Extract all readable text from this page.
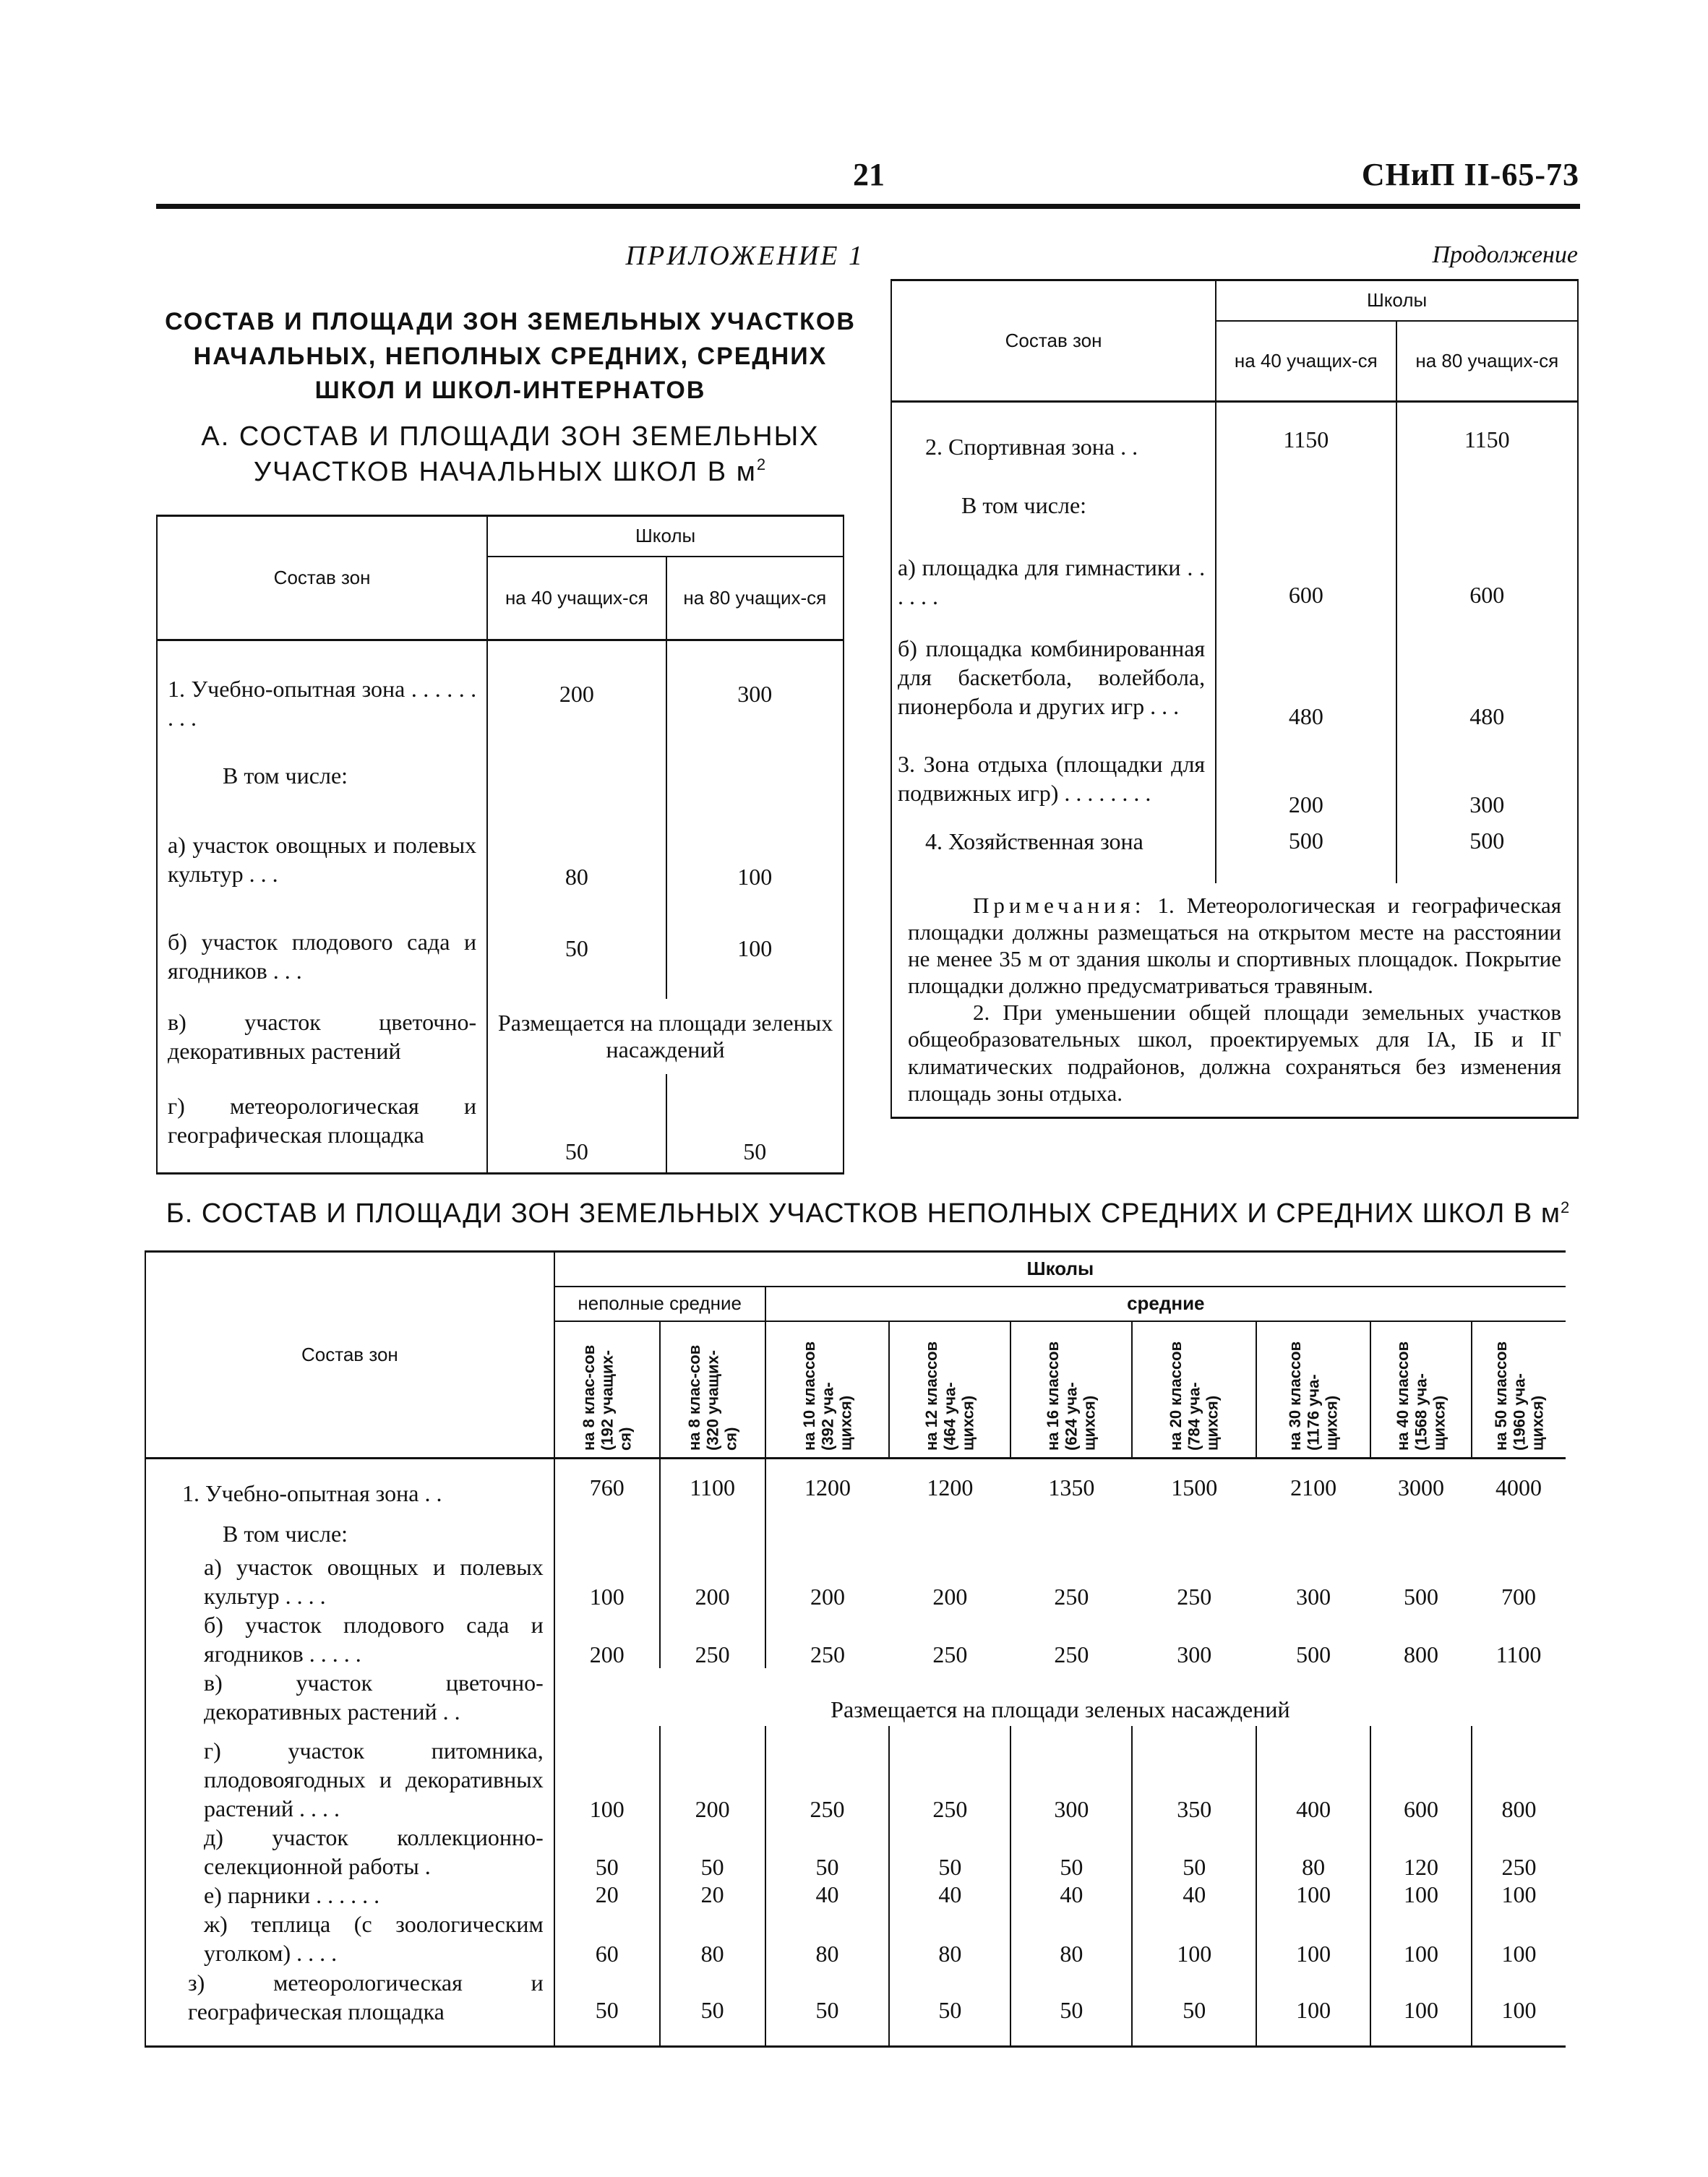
21	СНиП II-65-73
ПРИЛОЖЕНИЕ 1	Продолжение
СОСТАВ И ПЛОЩАДИ ЗОН ЗЕМЕЛЬНЫХ УЧАСТКОВ НАЧАЛЬНЫХ, НЕПОЛНЫХ СРЕДНИХ, СРЕДНИХ ШКОЛ И ШКОЛ-ИНТЕРНАТОВ
А. СОСТАВ И ПЛОЩАДИ ЗОН ЗЕМЕЛЬНЫХ УЧАСТКОВ НАЧАЛЬНЫХ ШКОЛ В $м^2$
Состав зон	Школы	
	на 40 учащих-ся	на 80 учащих-ся
1. Учебно-опытная зона . . . . . . . . .	200	300
В том числе:		
а) участок овощных и полевых культур . . .	80	100
б) участок плодового сада и ягодников . . .	50	100
в) участок цветочно-декоративных растений	Размещается на площади зеленых насаждений	
г) метеорологическая и географическая площадка	50	50
Состав зон	Школы	
	на 40 учащих-ся	на 80 учащих-ся
2. Спортивная зона . .	1150	1150
В том числе:		
а) площадка для гимнастики . . . . . .	600	600
б) площадка комбинированная для баскетбола, волейбола, пионербола и других игр . . .	480	480
3. Зона отдыха (площадки для подвижных игр) . . . . . . . .	200	300
4. Хозяйственная зона	500	500

Примечания: 1. Метеорологическая и географическая площадки должны размещаться на открытом месте на расстоянии не менее 35 м от здания школы и спортивных площадок. Покрытие площадки должно предусматриваться травяным.
2. При уменьшении общей площади земельных участков общеобразовательных школ, проектируемых для IА, IБ и IГ климатических подрайонов, должна сохраняться без изменения площадь зоны отдыха.		
Б. СОСТАВ И ПЛОЩАДИ ЗОН ЗЕМЕЛЬНЫХ УЧАСТКОВ НЕПОЛНЫХ СРЕДНИХ И СРЕДНИХ ШКОЛ В $м^2$
Состав зон	Школы								
	неполные средние		средние						

	на 8 клас-сов (192 учащих-ся)	на 8 клас-сов (320 учащих-ся)	на 10 классов (392 уча-щихся)	на 12 классов (464 уча-щихся)	на 16 классов (624 уча-щихся)	на 20 классов (784 уча-щихся)	на 30 классов (1176 уча-щихся)	на 40 классов (1568 уча-щихся)	на 50 классов (1960 уча-щихся)

1. Учебно-опытная зона . .	760	1100	1200	1200	1350	1500	2100	3000	4000
В том числе:									
а) участок овощных и полевых культур . . . .	100	200	200	200	250	250	300	500	700
б) участок плодового сада и ягодников . . . . .	200	250	250	250	250	300	500	800	1100
в) участок цветочно-декоративных растений . .	Размещается на площади зеленых насаждений								
г) участок питомника, плодовоягодных и декоративных растений . . . .	100	200	250	250	300	350	400	600	800
д) участок коллекционно-селекционной работы .	50	50	50	50	50	50	80	120	250
е) парники . . . . . .	20	20	40	40	40	40	100	100	100
ж) теплица (с зоологическим уголком) . . . .	60	80	80	80	80	100	100	100	100
з) метеорологическая и географическая площадка	50	50	50	50	50	50	100	100	100
